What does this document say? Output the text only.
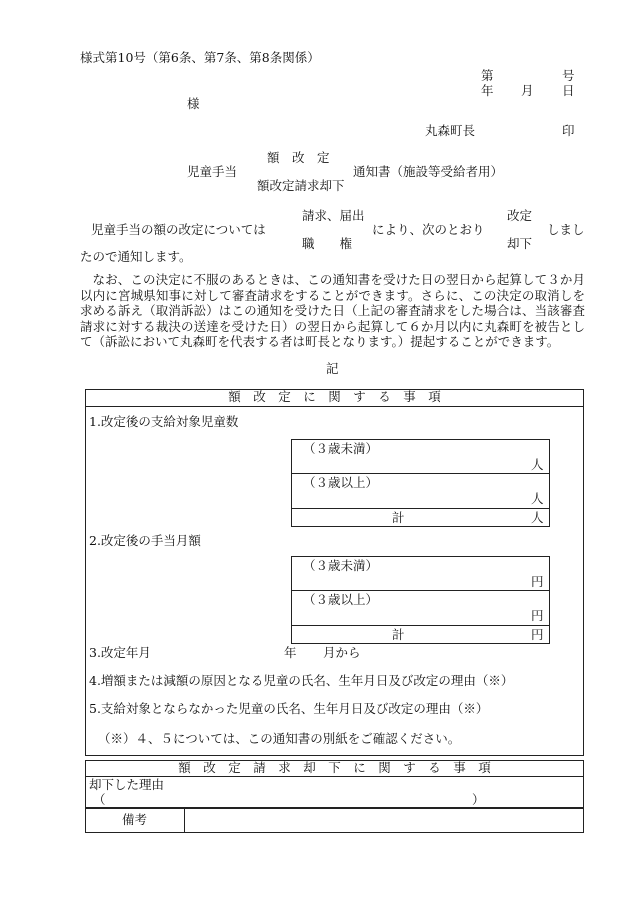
様式第10号（第6条、第7条、第8条関係）
第	号
年 月 日
様
丸森町長	印
額　改　定
児童手当	通知書（施設等受給者用）
額改定請求却下
請求、届出	改定
児童手当の額の改定については	により、次のとおり	しまし
職　　権	却下
たので通知します。
なお、この決定に不服のあるときは、この通知書を受けた日の翌日から起算して３か月以内に宮城県知事に対して審査請求をすることができます。さらに、この決定の取消しを求める訴え（取消訴訟）はこの通知を受けた日（上記の審査請求をした場合は、当該審査請求に対する裁決の送達を受けた日）の翌日から起算して６か月以内に丸森町を被告として（訴訟において丸森町を代表する者は町長となります。）提起することができます。
記
額　改　定　に　関　す　る　事　項
1.改定後の支給対象児童数
（３歳未満）
人
（３歳以上）
人
計	人
2.改定後の手当月額
（３歳未満）
円
（３歳以上）
円
計	円
3.改定年月	年 月から
4.増額または減額の原因となる児童の氏名、生年月日及び改定の理由（※）
5.支給対象とならなかった児童の氏名、生年月日及び改定の理由（※）
（※）４、５については、この通知書の別紙をご確認ください。
額　改　定　請　求　却　下　に　関　す　る　事　項
却下した理由
（	）
備考
